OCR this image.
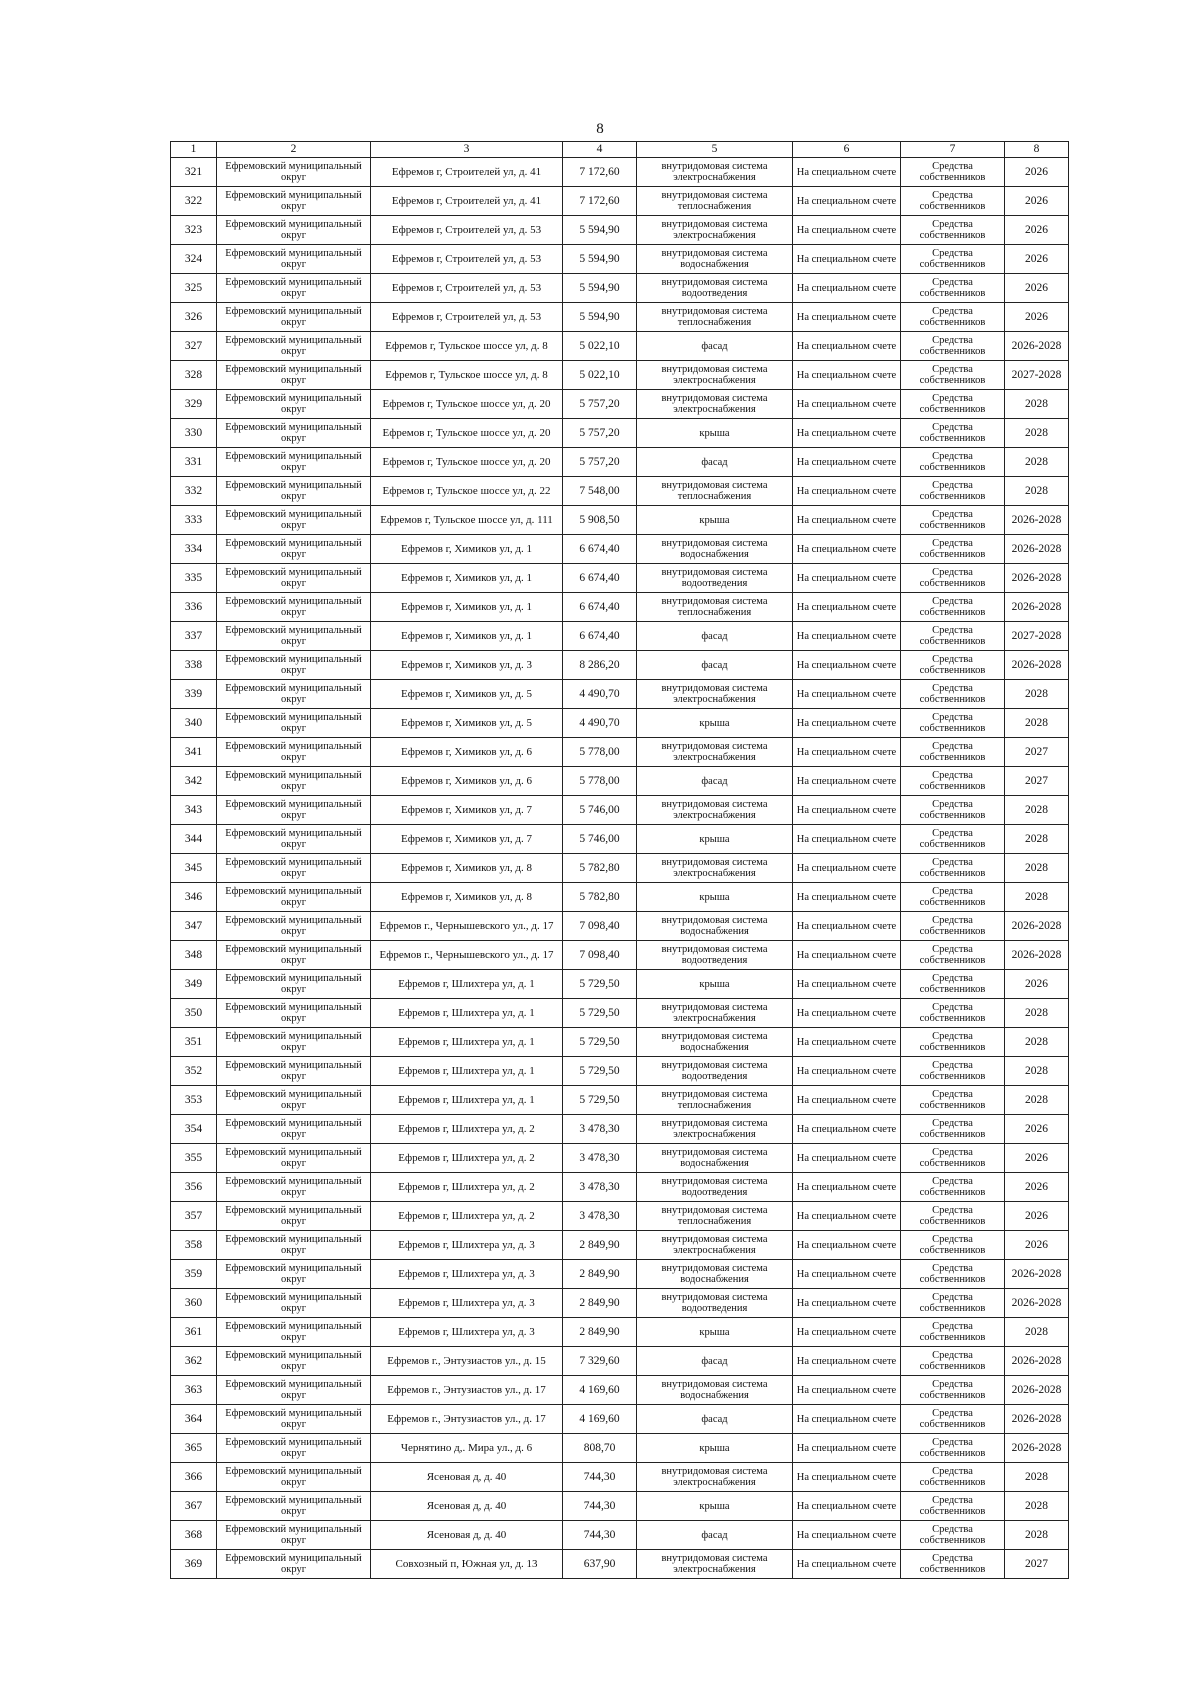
8
1	2	3	4	5	6	7	8
321	Ефремовский муниципальный округ	Ефремов г, Строителей ул, д. 41	7 172,60	внутридомовая система электроснабжения	На специальном счете	Средства собственников	2026
322	Ефремовский муниципальный округ	Ефремов г, Строителей ул, д. 41	7 172,60	внутридомовая система теплоснабжения	На специальном счете	Средства собственников	2026
323	Ефремовский муниципальный округ	Ефремов г, Строителей ул, д. 53	5 594,90	внутридомовая система электроснабжения	На специальном счете	Средства собственников	2026
324	Ефремовский муниципальный округ	Ефремов г, Строителей ул, д. 53	5 594,90	внутридомовая система водоснабжения	На специальном счете	Средства собственников	2026
325	Ефремовский муниципальный округ	Ефремов г, Строителей ул, д. 53	5 594,90	внутридомовая система водоотведения	На специальном счете	Средства собственников	2026
326	Ефремовский муниципальный округ	Ефремов г, Строителей ул, д. 53	5 594,90	внутридомовая система теплоснабжения	На специальном счете	Средства собственников	2026
327	Ефремовский муниципальный округ	Ефремов г, Тульское шоссе ул, д. 8	5 022,10	фасад	На специальном счете	Средства собственников	2026-2028
328	Ефремовский муниципальный округ	Ефремов г, Тульское шоссе ул, д. 8	5 022,10	внутридомовая система электроснабжения	На специальном счете	Средства собственников	2027-2028
329	Ефремовский муниципальный округ	Ефремов г, Тульское шоссе ул, д. 20	5 757,20	внутридомовая система электроснабжения	На специальном счете	Средства собственников	2028
330	Ефремовский муниципальный округ	Ефремов г, Тульское шоссе ул, д. 20	5 757,20	крыша	На специальном счете	Средства собственников	2028
331	Ефремовский муниципальный округ	Ефремов г, Тульское шоссе ул, д. 20	5 757,20	фасад	На специальном счете	Средства собственников	2028
332	Ефремовский муниципальный округ	Ефремов г, Тульское шоссе ул, д. 22	7 548,00	внутридомовая система теплоснабжения	На специальном счете	Средства собственников	2028
333	Ефремовский муниципальный округ	Ефремов г, Тульское шоссе ул, д. 111	5 908,50	крыша	На специальном счете	Средства собственников	2026-2028
334	Ефремовский муниципальный округ	Ефремов г, Химиков ул, д. 1	6 674,40	внутридомовая система водоснабжения	На специальном счете	Средства собственников	2026-2028
335	Ефремовский муниципальный округ	Ефремов г, Химиков ул, д. 1	6 674,40	внутридомовая система водоотведения	На специальном счете	Средства собственников	2026-2028
336	Ефремовский муниципальный округ	Ефремов г, Химиков ул, д. 1	6 674,40	внутридомовая система теплоснабжения	На специальном счете	Средства собственников	2026-2028
337	Ефремовский муниципальный округ	Ефремов г, Химиков ул, д. 1	6 674,40	фасад	На специальном счете	Средства собственников	2027-2028
338	Ефремовский муниципальный округ	Ефремов г, Химиков ул, д. 3	8 286,20	фасад	На специальном счете	Средства собственников	2026-2028
339	Ефремовский муниципальный округ	Ефремов г, Химиков ул, д. 5	4 490,70	внутридомовая система электроснабжения	На специальном счете	Средства собственников	2028
340	Ефремовский муниципальный округ	Ефремов г, Химиков ул, д. 5	4 490,70	крыша	На специальном счете	Средства собственников	2028
341	Ефремовский муниципальный округ	Ефремов г, Химиков ул, д. 6	5 778,00	внутридомовая система электроснабжения	На специальном счете	Средства собственников	2027
342	Ефремовский муниципальный округ	Ефремов г, Химиков ул, д. 6	5 778,00	фасад	На специальном счете	Средства собственников	2027
343	Ефремовский муниципальный округ	Ефремов г, Химиков ул, д. 7	5 746,00	внутридомовая система электроснабжения	На специальном счете	Средства собственников	2028
344	Ефремовский муниципальный округ	Ефремов г, Химиков ул, д. 7	5 746,00	крыша	На специальном счете	Средства собственников	2028
345	Ефремовский муниципальный округ	Ефремов г, Химиков ул, д. 8	5 782,80	внутридомовая система электроснабжения	На специальном счете	Средства собственников	2028
346	Ефремовский муниципальный округ	Ефремов г, Химиков ул, д. 8	5 782,80	крыша	На специальном счете	Средства собственников	2028
347	Ефремовский муниципальный округ	Ефремов г., Чернышевского ул., д. 17	7 098,40	внутридомовая система водоснабжения	На специальном счете	Средства собственников	2026-2028
348	Ефремовский муниципальный округ	Ефремов г., Чернышевского ул., д. 17	7 098,40	внутридомовая система водоотведения	На специальном счете	Средства собственников	2026-2028
349	Ефремовский муниципальный округ	Ефремов г, Шлихтера ул, д. 1	5 729,50	крыша	На специальном счете	Средства собственников	2026
350	Ефремовский муниципальный округ	Ефремов г, Шлихтера ул, д. 1	5 729,50	внутридомовая система электроснабжения	На специальном счете	Средства собственников	2028
351	Ефремовский муниципальный округ	Ефремов г, Шлихтера ул, д. 1	5 729,50	внутридомовая система водоснабжения	На специальном счете	Средства собственников	2028
352	Ефремовский муниципальный округ	Ефремов г, Шлихтера ул, д. 1	5 729,50	внутридомовая система водоотведения	На специальном счете	Средства собственников	2028
353	Ефремовский муниципальный округ	Ефремов г, Шлихтера ул, д. 1	5 729,50	внутридомовая система теплоснабжения	На специальном счете	Средства собственников	2028
354	Ефремовский муниципальный округ	Ефремов г, Шлихтера ул, д. 2	3 478,30	внутридомовая система электроснабжения	На специальном счете	Средства собственников	2026
355	Ефремовский муниципальный округ	Ефремов г, Шлихтера ул, д. 2	3 478,30	внутридомовая система водоснабжения	На специальном счете	Средства собственников	2026
356	Ефремовский муниципальный округ	Ефремов г, Шлихтера ул, д. 2	3 478,30	внутридомовая система водоотведения	На специальном счете	Средства собственников	2026
357	Ефремовский муниципальный округ	Ефремов г, Шлихтера ул, д. 2	3 478,30	внутридомовая система теплоснабжения	На специальном счете	Средства собственников	2026
358	Ефремовский муниципальный округ	Ефремов г, Шлихтера ул, д. 3	2 849,90	внутридомовая система электроснабжения	На специальном счете	Средства собственников	2026
359	Ефремовский муниципальный округ	Ефремов г, Шлихтера ул, д. 3	2 849,90	внутридомовая система водоснабжения	На специальном счете	Средства собственников	2026-2028
360	Ефремовский муниципальный округ	Ефремов г, Шлихтера ул, д. 3	2 849,90	внутридомовая система водоотведения	На специальном счете	Средства собственников	2026-2028
361	Ефремовский муниципальный округ	Ефремов г, Шлихтера ул, д. 3	2 849,90	крыша	На специальном счете	Средства собственников	2028
362	Ефремовский муниципальный округ	Ефремов г., Энтузиастов ул., д. 15	7 329,60	фасад	На специальном счете	Средства собственников	2026-2028
363	Ефремовский муниципальный округ	Ефремов г., Энтузиастов ул., д. 17	4 169,60	внутридомовая система водоснабжения	На специальном счете	Средства собственников	2026-2028
364	Ефремовский муниципальный округ	Ефремов г., Энтузиастов ул., д. 17	4 169,60	фасад	На специальном счете	Средства собственников	2026-2028
365	Ефремовский муниципальный округ	Чернятино д,. Мира ул., д. 6	808,70	крыша	На специальном счете	Средства собственников	2026-2028
366	Ефремовский муниципальный округ	Ясеновая д, д. 40	744,30	внутридомовая система электроснабжения	На специальном счете	Средства собственников	2028
367	Ефремовский муниципальный округ	Ясеновая д, д. 40	744,30	крыша	На специальном счете	Средства собственников	2028
368	Ефремовский муниципальный округ	Ясеновая д, д. 40	744,30	фасад	На специальном счете	Средства собственников	2028
369	Ефремовский муниципальный округ	Совхозный п, Южная ул, д. 13	637,90	внутридомовая система электроснабжения	На специальном счете	Средства собственников	2027
